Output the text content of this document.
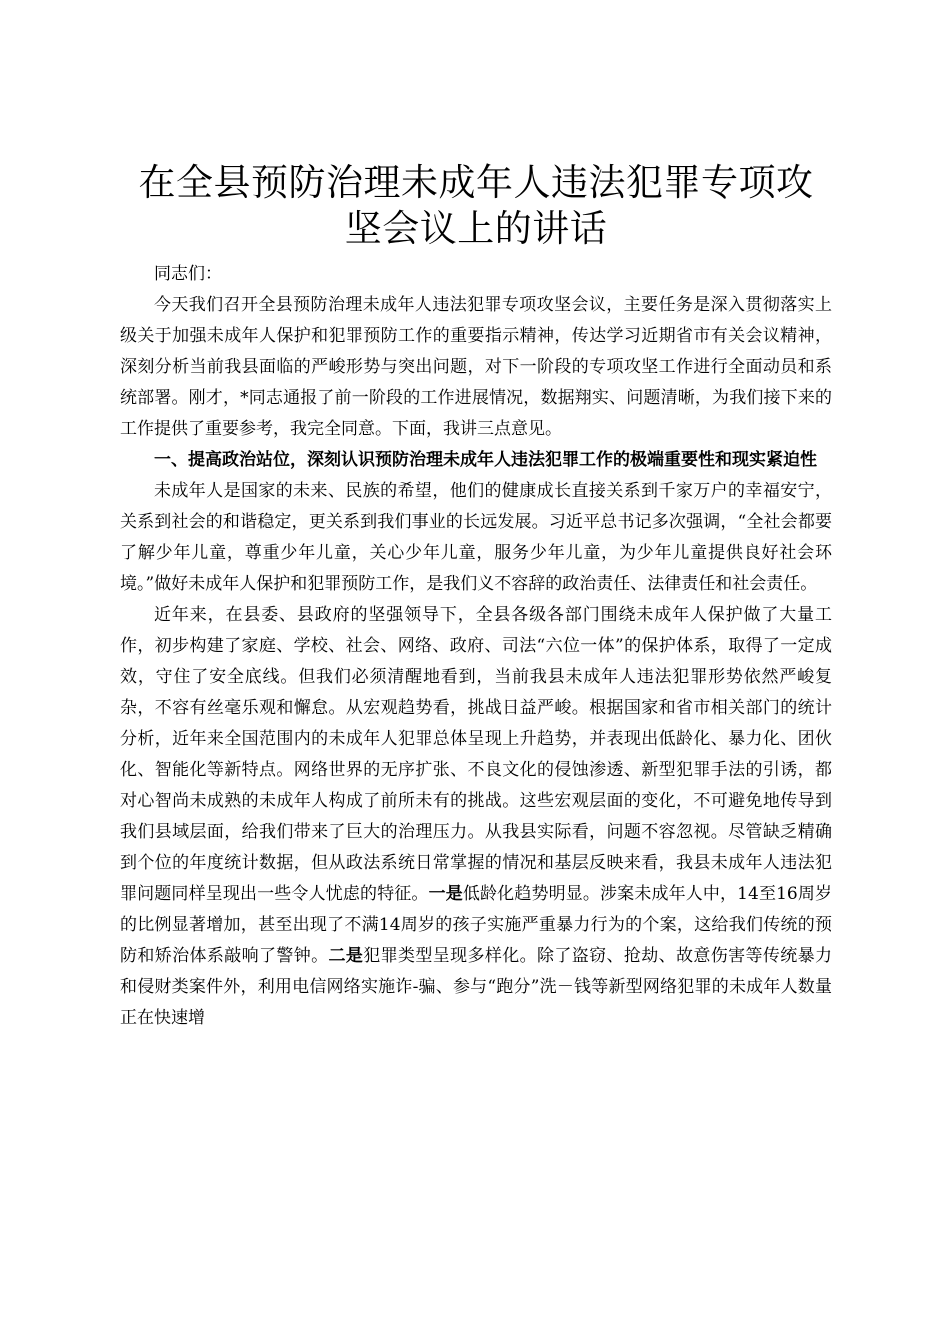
在全县预防治理未成年人违法犯罪专项攻坚会议上的讲话

同志们：

今天我们召开全县预防治理未成年人违法犯罪专项攻坚会议，主要任务是深入贯彻落实上级关于加强未成年人保护和犯罪预防工作的重要指示精神，传达学习近期省市有关会议精神，深刻分析当前我县面临的严峻形势与突出问题，对下一阶段的专项攻坚工作进行全面动员和系统部署。刚才，*同志通报了前一阶段的工作进展情况，数据翔实、问题清晰，为我们接下来的工作提供了重要参考，我完全同意。下面，我讲三点意见。

一、提高政治站位，深刻认识预防治理未成年人违法犯罪工作的极端重要性和现实紧迫性

未成年人是国家的未来、民族的希望，他们的健康成长直接关系到千家万户的幸福安宁，关系到社会的和谐稳定，更关系到我们事业的长远发展。习近平总书记多次强调，“全社会都要了解少年儿童，尊重少年儿童，关心少年儿童，服务少年儿童，为少年儿童提供良好社会环境。”做好未成年人保护和犯罪预防工作，是我们义不容辞的政治责任、法律责任和社会责任。

近年来，在县委、县政府的坚强领导下，全县各级各部门围绕未成年人保护做了大量工作，初步构建了家庭、学校、社会、网络、政府、司法“六位一体”的保护体系，取得了一定成效，守住了安全底线。但我们必须清醒地看到，当前我县未成年人违法犯罪形势依然严峻复杂，不容有丝毫乐观和懈怠。从宏观趋势看，挑战日益严峻。根据国家和省市相关部门的统计分析，近年来全国范围内的未成年人犯罪总体呈现上升趋势，并表现出低龄化、暴力化、团伙化、智能化等新特点。网络世界的无序扩张、不良文化的侵蚀渗透、新型犯罪手法的引诱，都对心智尚未成熟的未成年人构成了前所未有的挑战。这些宏观层面的变化，不可避免地传导到我们县域层面，给我们带来了巨大的治理压力。从我县实际看，问题不容忽视。尽管缺乏精确到个位的年度统计数据，但从政法系统日常掌握的情况和基层反映来看，我县未成年人违法犯罪问题同样呈现出一些令人忧虑的特征。一是低龄化趋势明显。涉案未成年人中，14至16周岁的比例显著增加，甚至出现了不满14周岁的孩子实施严重暴力行为的个案，这给我们传统的预防和矫治体系敲响了警钟。二是犯罪类型呈现多样化。除了盗窃、抢劫、故意伤害等传统暴力和侵财类案件外，利用电信网络实施诈-骗、参与“跑分”洗－钱等新型网络犯罪的未成年人数量正在快速增
